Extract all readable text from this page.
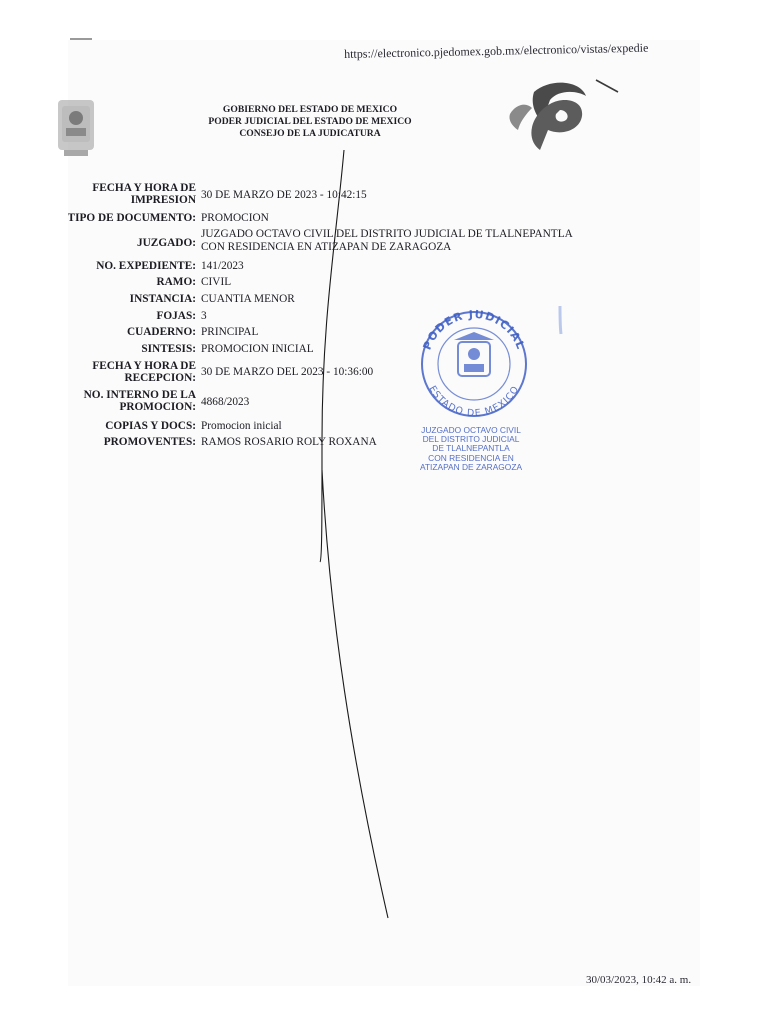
https://electronico.pjedomex.gob.mx/electronico/vistas/expedie
GOBIERNO DEL ESTADO DE MEXICO
PODER JUDICIAL DEL ESTADO DE MEXICO
CONSEJO DE LA JUDICATURA
FECHA Y HORA DE
IMPRESION
TIPO DE DOCUMENTO:
JUZGADO:
NO. EXPEDIENTE:
RAMO:
INSTANCIA:
FOJAS:
CUADERNO:
SINTESIS:
FECHA Y HORA DE
RECEPCION:
NO. INTERNO DE LA
PROMOCION:
COPIAS Y DOCS:
PROMOVENTES:
30 DE MARZO DE 2023 - 10:42:15
PROMOCION
JUZGADO OCTAVO CIVIL DEL DISTRITO JUDICIAL DE TLALNEPANTLA
CON RESIDENCIA EN ATIZAPAN DE ZARAGOZA
141/2023
CIVIL
CUANTIA MENOR
3
PRINCIPAL
PROMOCION INICIAL
30 DE MARZO DEL 2023 - 10:36:00
4868/2023
Promocion inicial
RAMOS ROSARIO ROLY ROXANA
PODER JUDICIAL
ESTADO DE MEXICO
JUZGADO OCTAVO CIVIL
DEL DISTRITO JUDICIAL
DE TLALNEPANTLA
CON RESIDENCIA EN
ATIZAPAN DE ZARAGOZA
30/03/2023, 10:42 a. m.
